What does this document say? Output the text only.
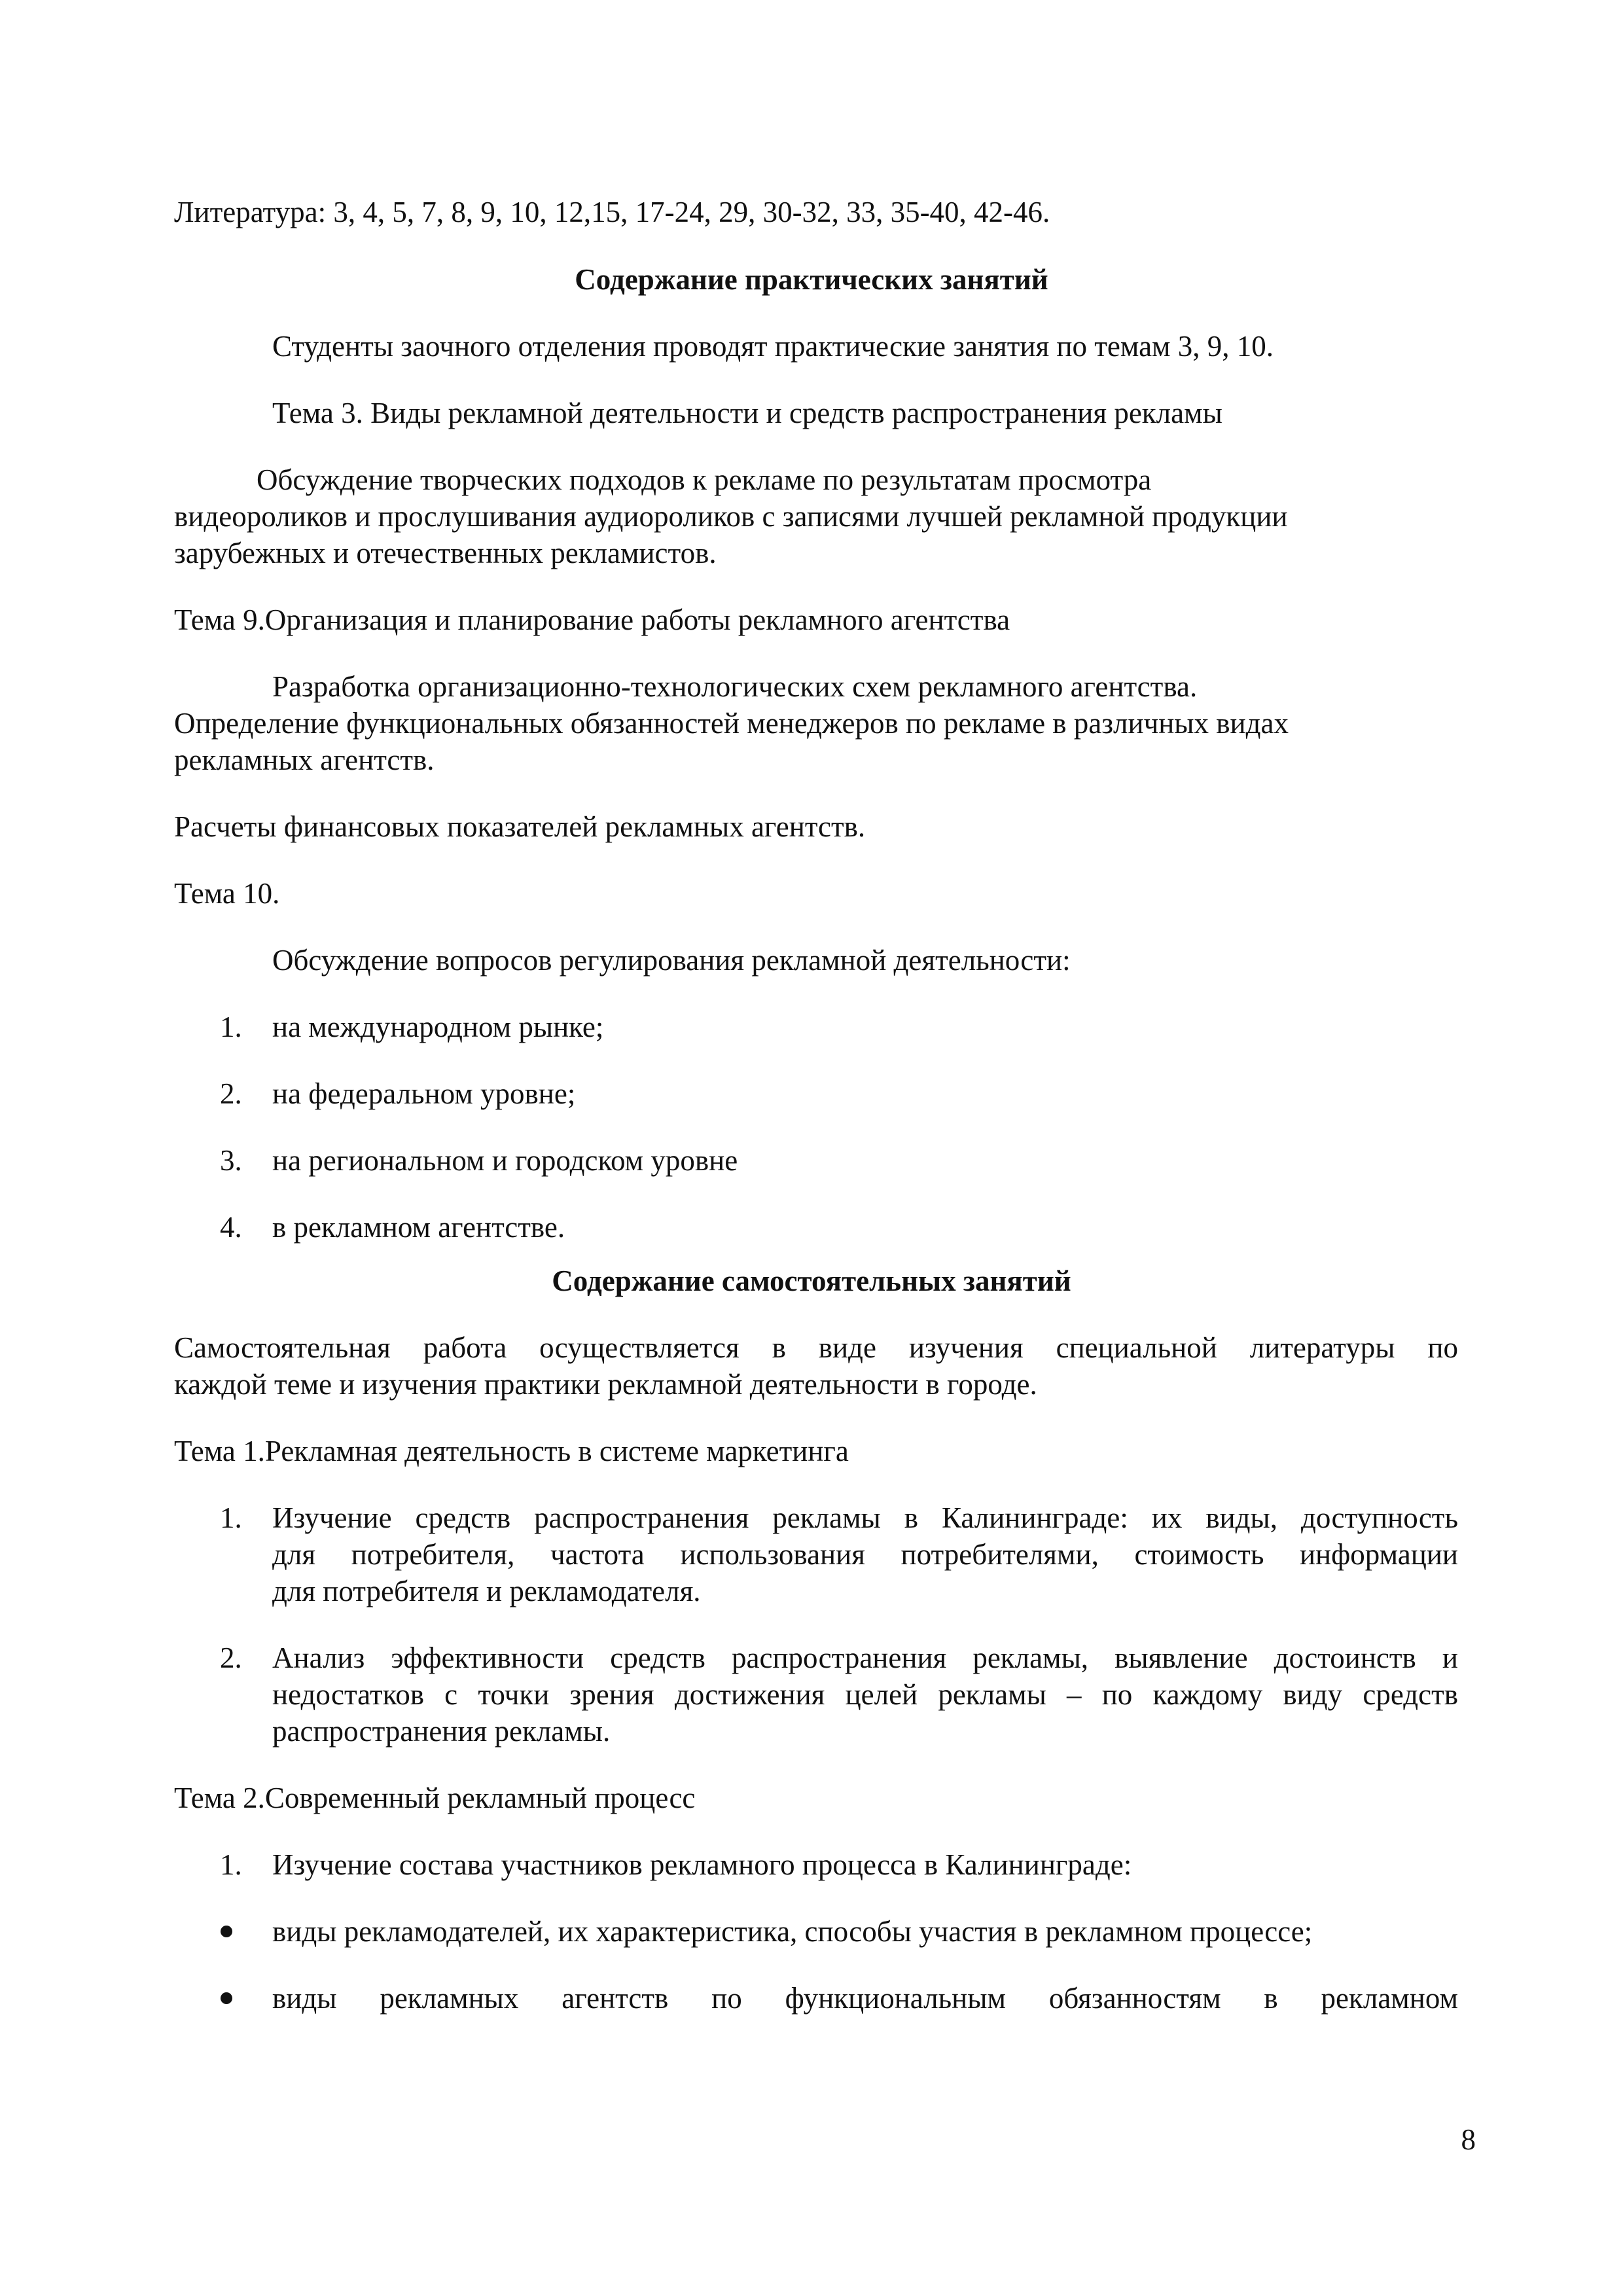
Литература: 3, 4, 5, 7, 8, 9, 10, 12,15, 17-24, 29, 30-32, 33, 35-40, 42-46.

Содержание практических занятий

Студенты заочного отделения проводят практические занятия по темам 3, 9, 10.

Тема 3. Виды рекламной деятельности и средств распространения рекламы

Обсуждение творческих подходов к рекламе по результатам просмотра

видеороликов и прослушивания аудиороликов с записями лучшей рекламной продукции

зарубежных и отечественных рекламистов.

Тема 9.Организация и планирование работы рекламного агентства

Разработка организационно-технологических схем рекламного агентства.

Определение функциональных обязанностей менеджеров по рекламе в различных видах

рекламных агентств.

Расчеты финансовых показателей рекламных агентств.

Тема 10.

Обсуждение вопросов регулирования рекламной деятельности:

1. на международном рынке;

2. на федеральном уровне;

3. на региональном и городском уровне

4. в рекламном агентстве.

Содержание самостоятельных занятий

Самостоятельная работа осуществляется в виде изучения специальной литературы по

каждой теме и изучения практики рекламной деятельности в городе.

Тема 1.Рекламная деятельность в системе маркетинга

1. Изучение средств распространения рекламы в Калининграде: их виды, доступность

для потребителя, частота использования потребителями, стоимость информации

для потребителя и рекламодателя.

2. Анализ эффективности средств распространения рекламы, выявление достоинств и

недостатков с точки зрения достижения целей рекламы – по каждому виду средств

распространения рекламы.

Тема 2.Современный рекламный процесс

1. Изучение состава участников рекламного процесса в Калининграде:

виды рекламодателей, их характеристика, способы участия в рекламном процессе;

виды рекламных агентств по функциональным обязанностям в рекламном

8
